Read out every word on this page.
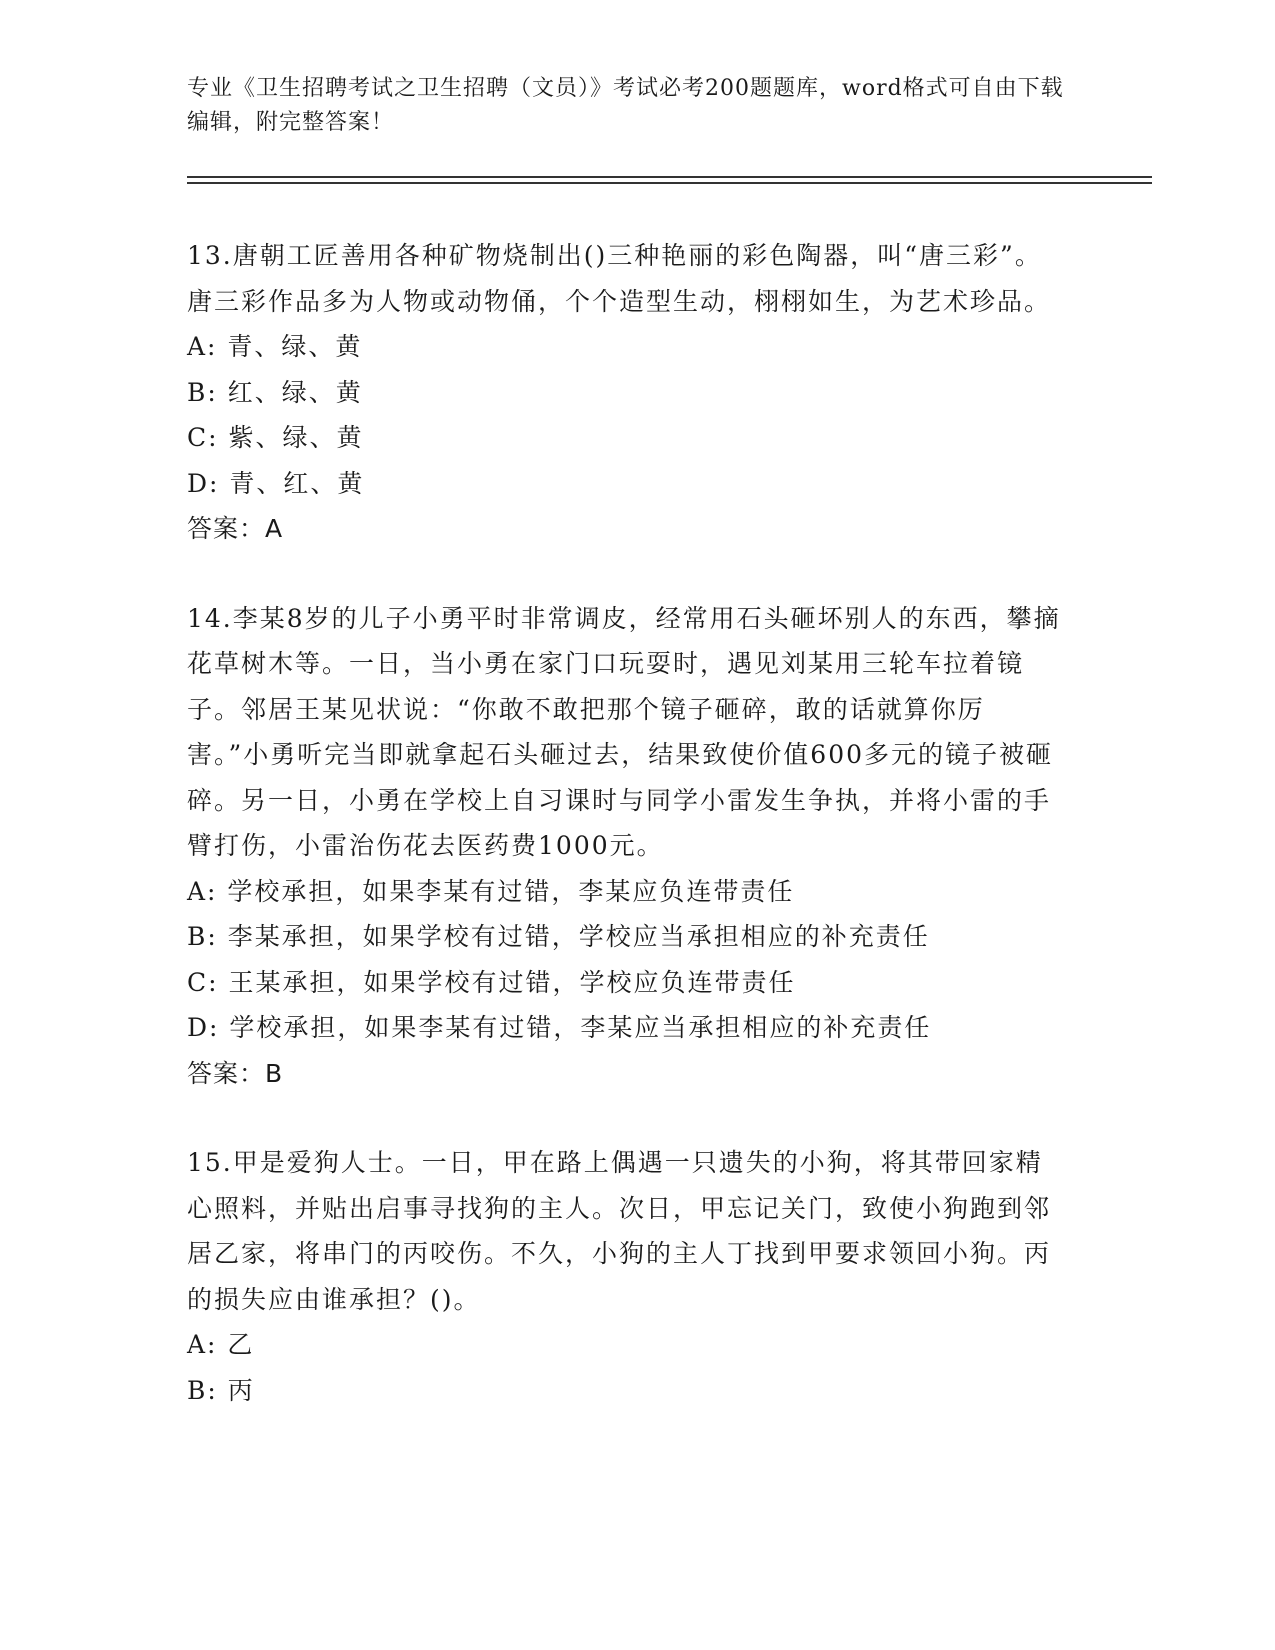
专业《卫生招聘考试之卫生招聘（文员）》考试必考200题题库，word格式可自由下载编辑，附完整答案！

13.唐朝工匠善用各种矿物烧制出()三种艳丽的彩色陶器，叫“唐三彩”。唐三彩作品多为人物或动物俑，个个造型生动，栩栩如生，为艺术珍品。

A: 青、绿、黄

B: 红、绿、黄

C: 紫、绿、黄

D: 青、红、黄

答案：A

14.李某8岁的儿子小勇平时非常调皮，经常用石头砸坏别人的东西，攀摘花草树木等。一日，当小勇在家门口玩耍时，遇见刘某用三轮车拉着镜子。邻居王某见状说：“你敢不敢把那个镜子砸碎，敢的话就算你厉害。”小勇听完当即就拿起石头砸过去，结果致使价值600多元的镜子被砸碎。另一日，小勇在学校上自习课时与同学小雷发生争执，并将小雷的手臂打伤，小雷治伤花去医药费1000元。

A: 学校承担，如果李某有过错，李某应负连带责任

B: 李某承担，如果学校有过错，学校应当承担相应的补充责任

C: 王某承担，如果学校有过错，学校应负连带责任

D: 学校承担，如果李某有过错，李某应当承担相应的补充责任

答案：B

15.甲是爱狗人士。一日，甲在路上偶遇一只遗失的小狗，将其带回家精心照料，并贴出启事寻找狗的主人。次日，甲忘记关门，致使小狗跑到邻居乙家，将串门的丙咬伤。不久，小狗的主人丁找到甲要求领回小狗。丙的损失应由谁承担？()。

A: 乙

B: 丙
